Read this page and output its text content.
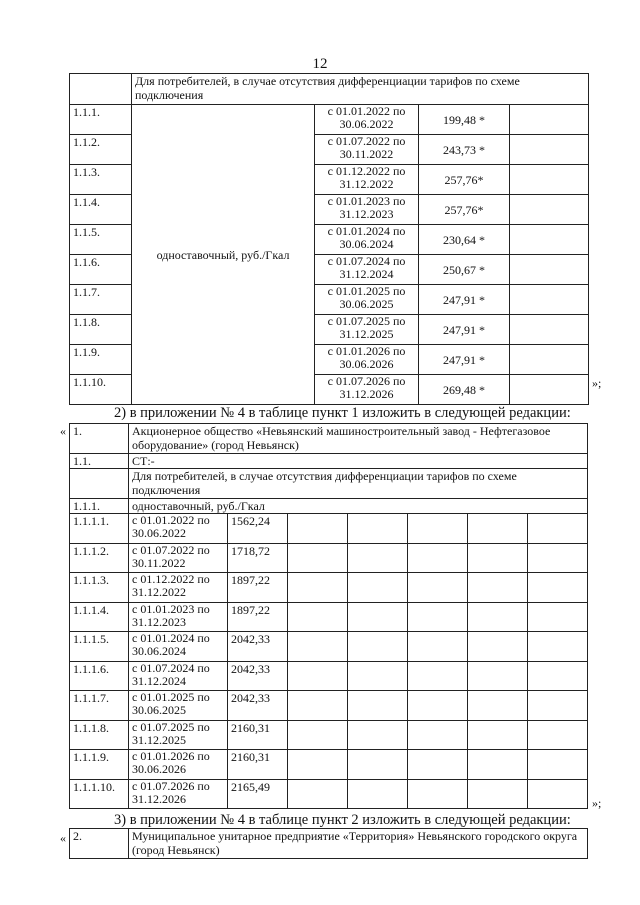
12
	Для потребителей, в случае отсутствия дифференциации тарифов по схеме подключения			
1.1.1.	одноставочный, руб./Гкал	с 01.01.2022 по 30.06.2022	199,48 *	
1.1.2.		с 01.07.2022 по 30.11.2022	243,73 *	
1.1.3.		с 01.12.2022 по 31.12.2022	257,76*	
1.1.4.		с 01.01.2023 по 31.12.2023	257,76*	
1.1.5.		с 01.01.2024 по 30.06.2024	230,64 *	
1.1.6.		с 01.07.2024 по 31.12.2024	250,67 *	
1.1.7.		с 01.01.2025 по 30.06.2025	247,91 *	
1.1.8.		с 01.07.2025 по 31.12.2025	247,91 *	
1.1.9.		с 01.01.2026 по 30.06.2026	247,91 *	
1.1.10.		с 01.07.2026 по 31.12.2026	269,48 *		»;
2) в приложении № 4 в таблице пункт 1 изложить в следующей редакции:
« 1.	Акционерное общество «Невьянский машиностроительный завод - Нефтегазовое оборудование» (город Невьянск)						
1.1.	СТ:-						
	Для потребителей, в случае отсутствия дифференциации тарифов по схеме подключения						
1.1.1.	одноставочный, руб./Гкал						
1.1.1.1.	с 01.01.2022 по 30.06.2022	1562,24					
1.1.1.2.	с 01.07.2022 по 30.11.2022	1718,72					
1.1.1.3.	с 01.12.2022 по 31.12.2022	1897,22					
1.1.1.4.	с 01.01.2023 по 31.12.2023	1897,22					
1.1.1.5.	с 01.01.2024 по 30.06.2024	2042,33					
1.1.1.6.	с 01.07.2024 по 31.12.2024	2042,33					
1.1.1.7.	с 01.01.2025 по 30.06.2025	2042,33					
1.1.1.8.	с 01.07.2025 по 31.12.2025	2160,31					
1.1.1.9.	с 01.01.2026 по 30.06.2026	2160,31					
1.1.1.10.	с 01.07.2026 по 31.12.2026	2165,49					
»;
3) в приложении № 4 в таблице пункт 2 изложить в следующей редакции:
« 2.	Муниципальное унитарное предприятие «Территория» Невьянского городского округа (город Невьянск)
